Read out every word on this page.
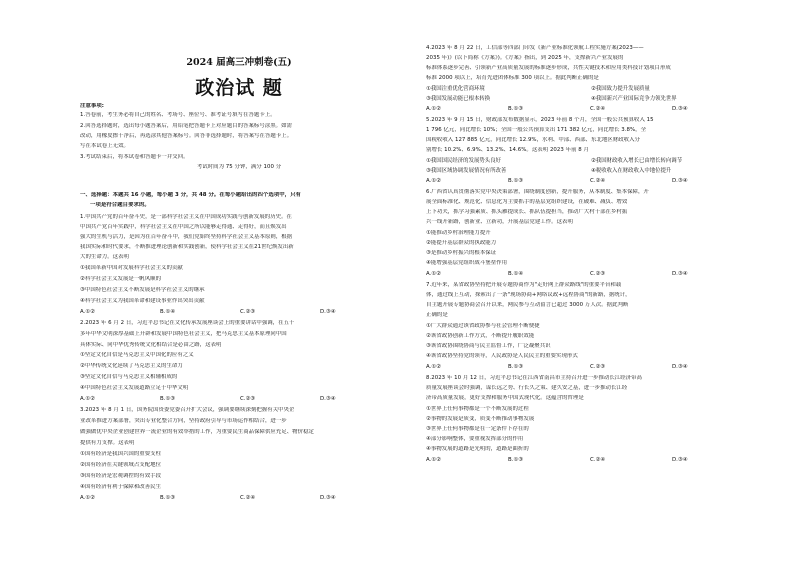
2024 届高三冲刺卷(五)
政治试 题
注意事项:
1.答卷前，考生务必将自己的姓名、考场号、座位号、准考证号填写在答题卡上。
2.回答选择题时，选出每小题答案后，用铅笔把答题卡上对应题目的答案标号涂黑。如需
改动，用橡皮擦干净后，再选涂其他答案标号。回答非选择题时，将答案写在答题卡上。
写在本试卷上无效。
3.考试结束后，将本试卷和答题卡一并交回。
考试时间为 75 分钟，满分 100 分
一、选择题：本题共 16 小题，每小题 3 分，共 48 分。在每小题给出的四个选项中，只有
一项是符合题目要求的。
1.中国共产党的百年奋斗史，是一部科学社会主义在中国成功实践与创新发展的历史。在
中国共产党百年实践中，科学社会主义在中国之所以能够走得通、走得好，而且焕发出
强大的生机与活力，是因为在百年奋斗中，我们党始终坚持科学社会主义基本原则，根据
我国实际和时代要求，不断推进理论创新和实践创新，使科学社会主义在21世纪焕发出新
大的生命力。这表明
①我国革新中国对发展科学社会主义的贡献
②科学社会主义发展是一帆风顺的
③中国特色社会主义不断发展是科学社会主义的继承
④科学社会主义为我国革命和建设事业作出突出贡献
A.①②	B.①④	C.②③	D.③④
2.2023 年 6 月 2 日，习近平总书记在文化传承发展座谈会上的重要讲话中强调，在五千
多年中华文明深厚基础上开辟和发展中国特色社会主义，把马克思主义基本原理同中国
具体实际、同中华优秀传统文化相结合是必由之路，这表明
①坚定文化自信是马克思主义中国化的应有之义
②中华传统文化延续了马克思主义的生命力
③坚定文化自信与马克思主义相辅相成的
④中国特色社会主义发展道路立足于中华文明
A.①②	B.①③	C.②③	D.③④
3.2023 年 8 月 1 日，国务院国资委党委召开扩大会议，强调要继续深刻把握有关中央企
业改革推进方案部署，突出专业化整合方向，坚持政府引导与市场运作相结合，进一步
做强做优中央企业创建世界一流企业的有效举措的工作，为重要民生商品保障供应充足、物价稳定
提供有力支撑。这表明
①国有经济是我国兴国的重要支柱
②国有经济在关键领域占支配地位
③国有经济是宏观调控的有效手段
④国有经济有利于保障和改善民生
A.①②	B.①③	C.②④	D.③④
4.2023 年 8 月 22 日，工信部等四部门印发《新产业标准化领航工程实施方案(2023——
2035 年)》(以下简称《方案》)。《方案》指出，到 2025 年，支撑新兴产业发展的
标准体系逐步完善、引领新产业高质量发展的标准逐步形成，共性关键技术和应用类科技计划项目形成
标准 2000 项以上，培育先进团体标准 300 项以上。据此判断正确的是
①我国注重优化营商环境	②我国致力提升发展质量
③我国发展动能已根本转换	④我国新兴产业国际竞争力领先世界
A.①②	B.①③	C.②④	D.③④
5.2023 年 9 月 15 日，财政部发布数据显示，2023 年前 8 个月，全国一般公共预算收入 15
1 796 亿元，同比增长 10%；全国一般公共预算支出 171 382 亿元，同比增长 3.8%，全
国税收收入 127 885 亿元，同比增长 12.9%，水利、中部、西部、东北地区财政收入分
别增长 10.2%、6.9%、13.2%、14.6%。这表明 2023 年前 8 月
①我国国民经济的发展势头良好	②我国财政收入增长已由增长转向调节
③我国区域协调发展情况有所改善	④税收收入在财政收入中地位提升
A.①②	B.①③	C.②④	D.③④
6.广西省认真贯彻落实党中央决策部署，围绕制度创新，提升服务，从本制度、集本保障，开
展全面标准化、规范化、信息化为主要抓手的基层党组织建设，在破难、减负、增效
上下功夫，抓学习强素质、抓头雁提成长、抓队伍提担当，推动广大村干部在乡村振
兴一线开新路，创新业、立新功，开展基层党建工作。这表明
①能推动乡村治理能力提升
②能提升基层群众的执政能力
③是推动乡村振兴的根本保证
④能增强基层党组织战斗堡垒作用
A.①②	B.①④	C.②③	D.③④
7.近年来，某省政协坚持把开展专题协商作为"走好网上群众路线"的重要平台和载
体，通过线上互动，探索出了一条"现场协商+网络议政+远程协商"的新路，据统计，
自主题开展专题协商会召开以来，网民参与互动留言已超过 3000 万人次。据此判断
正确的是
①广大群众通过该省政协参与社会管理不断便捷
②该省政协创新工作方式，不断提升履职效能
③该省政协围绕协商与民主监督工作，广泛凝聚共识
④该省政协坚持党的领导，人民政协是人民民主的重要实现形式
A.①②	B.①③	C.②③	D.③④
8.2023 年 10 月 12 日，习近平总书记在江西省南昌市主持召开进一步推动长江经济带高
质量发展座谈会时强调，谋长远之势、行长久之策、建久安之基，进一步推动长江经
济带高质量发展，更好支撑和服务中国式现代化。这蕴含的哲理是
①世界上任何事物都是一个不断发展的过程
②事物的发展是质变，质变不断推动事物发展
③世界上任何事物都是在一定条件下存在的
④部分影响整体，要重视发挥部分的作用
④事物发展的道路是光明的，道路是曲折的
A.①②	B.①③	C.②④	D.③④
